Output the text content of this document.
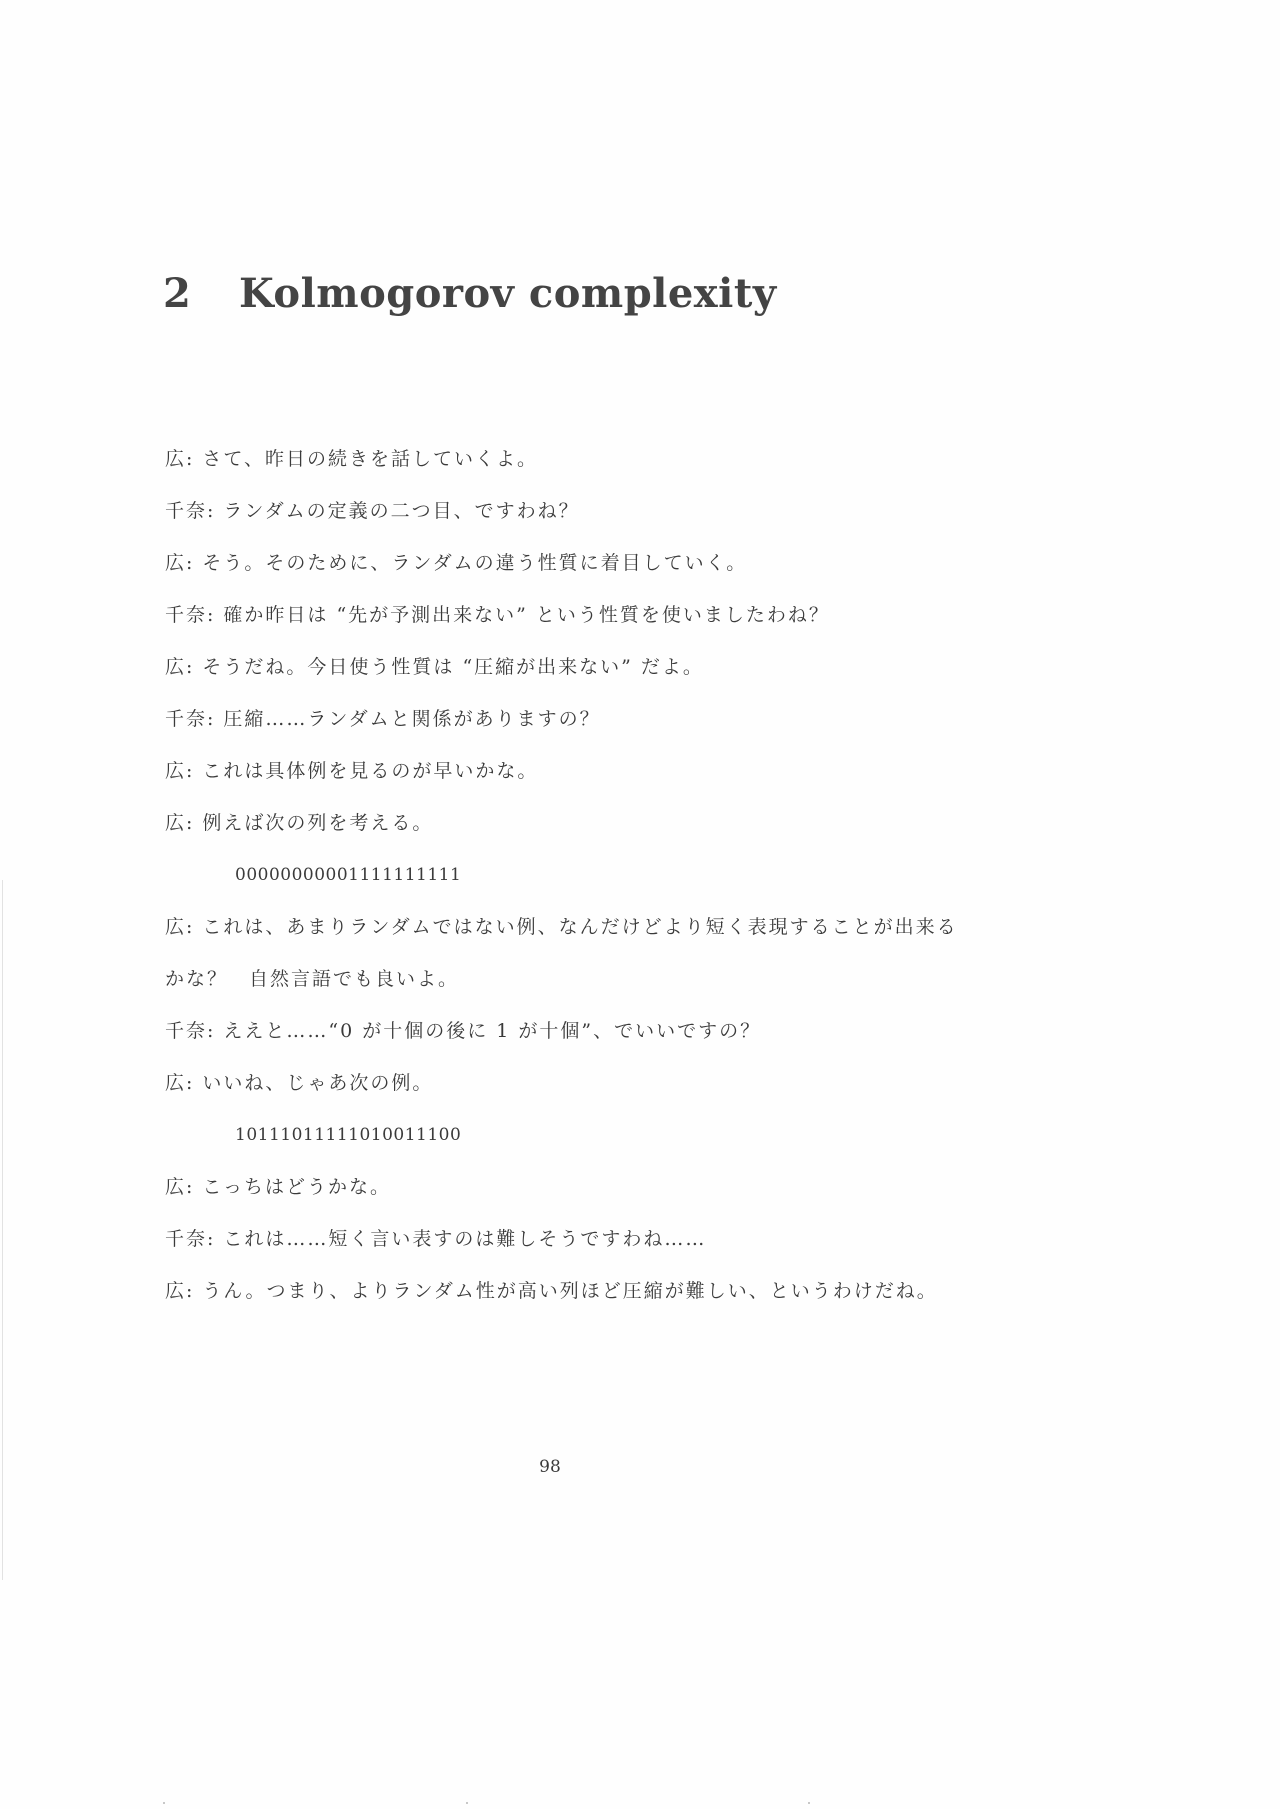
2 Kolmogorov complexity
広: さて、昨日の続きを話していくよ。
千奈: ランダムの定義の二つ目、ですわね？
広: そう。そのために、ランダムの違う性質に着目していく。
千奈: 確か昨日は “先が予測出来ない” という性質を使いましたわね？
広: そうだね。今日使う性質は “圧縮が出来ない” だよ。
千奈: 圧縮……ランダムと関係がありますの？
広: これは具体例を見るのが早いかな。
広: 例えば次の列を考える。
00000000001111111111
広: これは、あまりランダムではない例、なんだけどより短く表現することが出来る
かな？　自然言語でも良いよ。
千奈: ええと……“0 が十個の後に 1 が十個”、でいいですの？
広: いいね、じゃあ次の例。
10111011111010011100
広: こっちはどうかな。
千奈: これは……短く言い表すのは難しそうですわね……
広: うん。つまり、よりランダム性が高い列ほど圧縮が難しい、というわけだね。
98
